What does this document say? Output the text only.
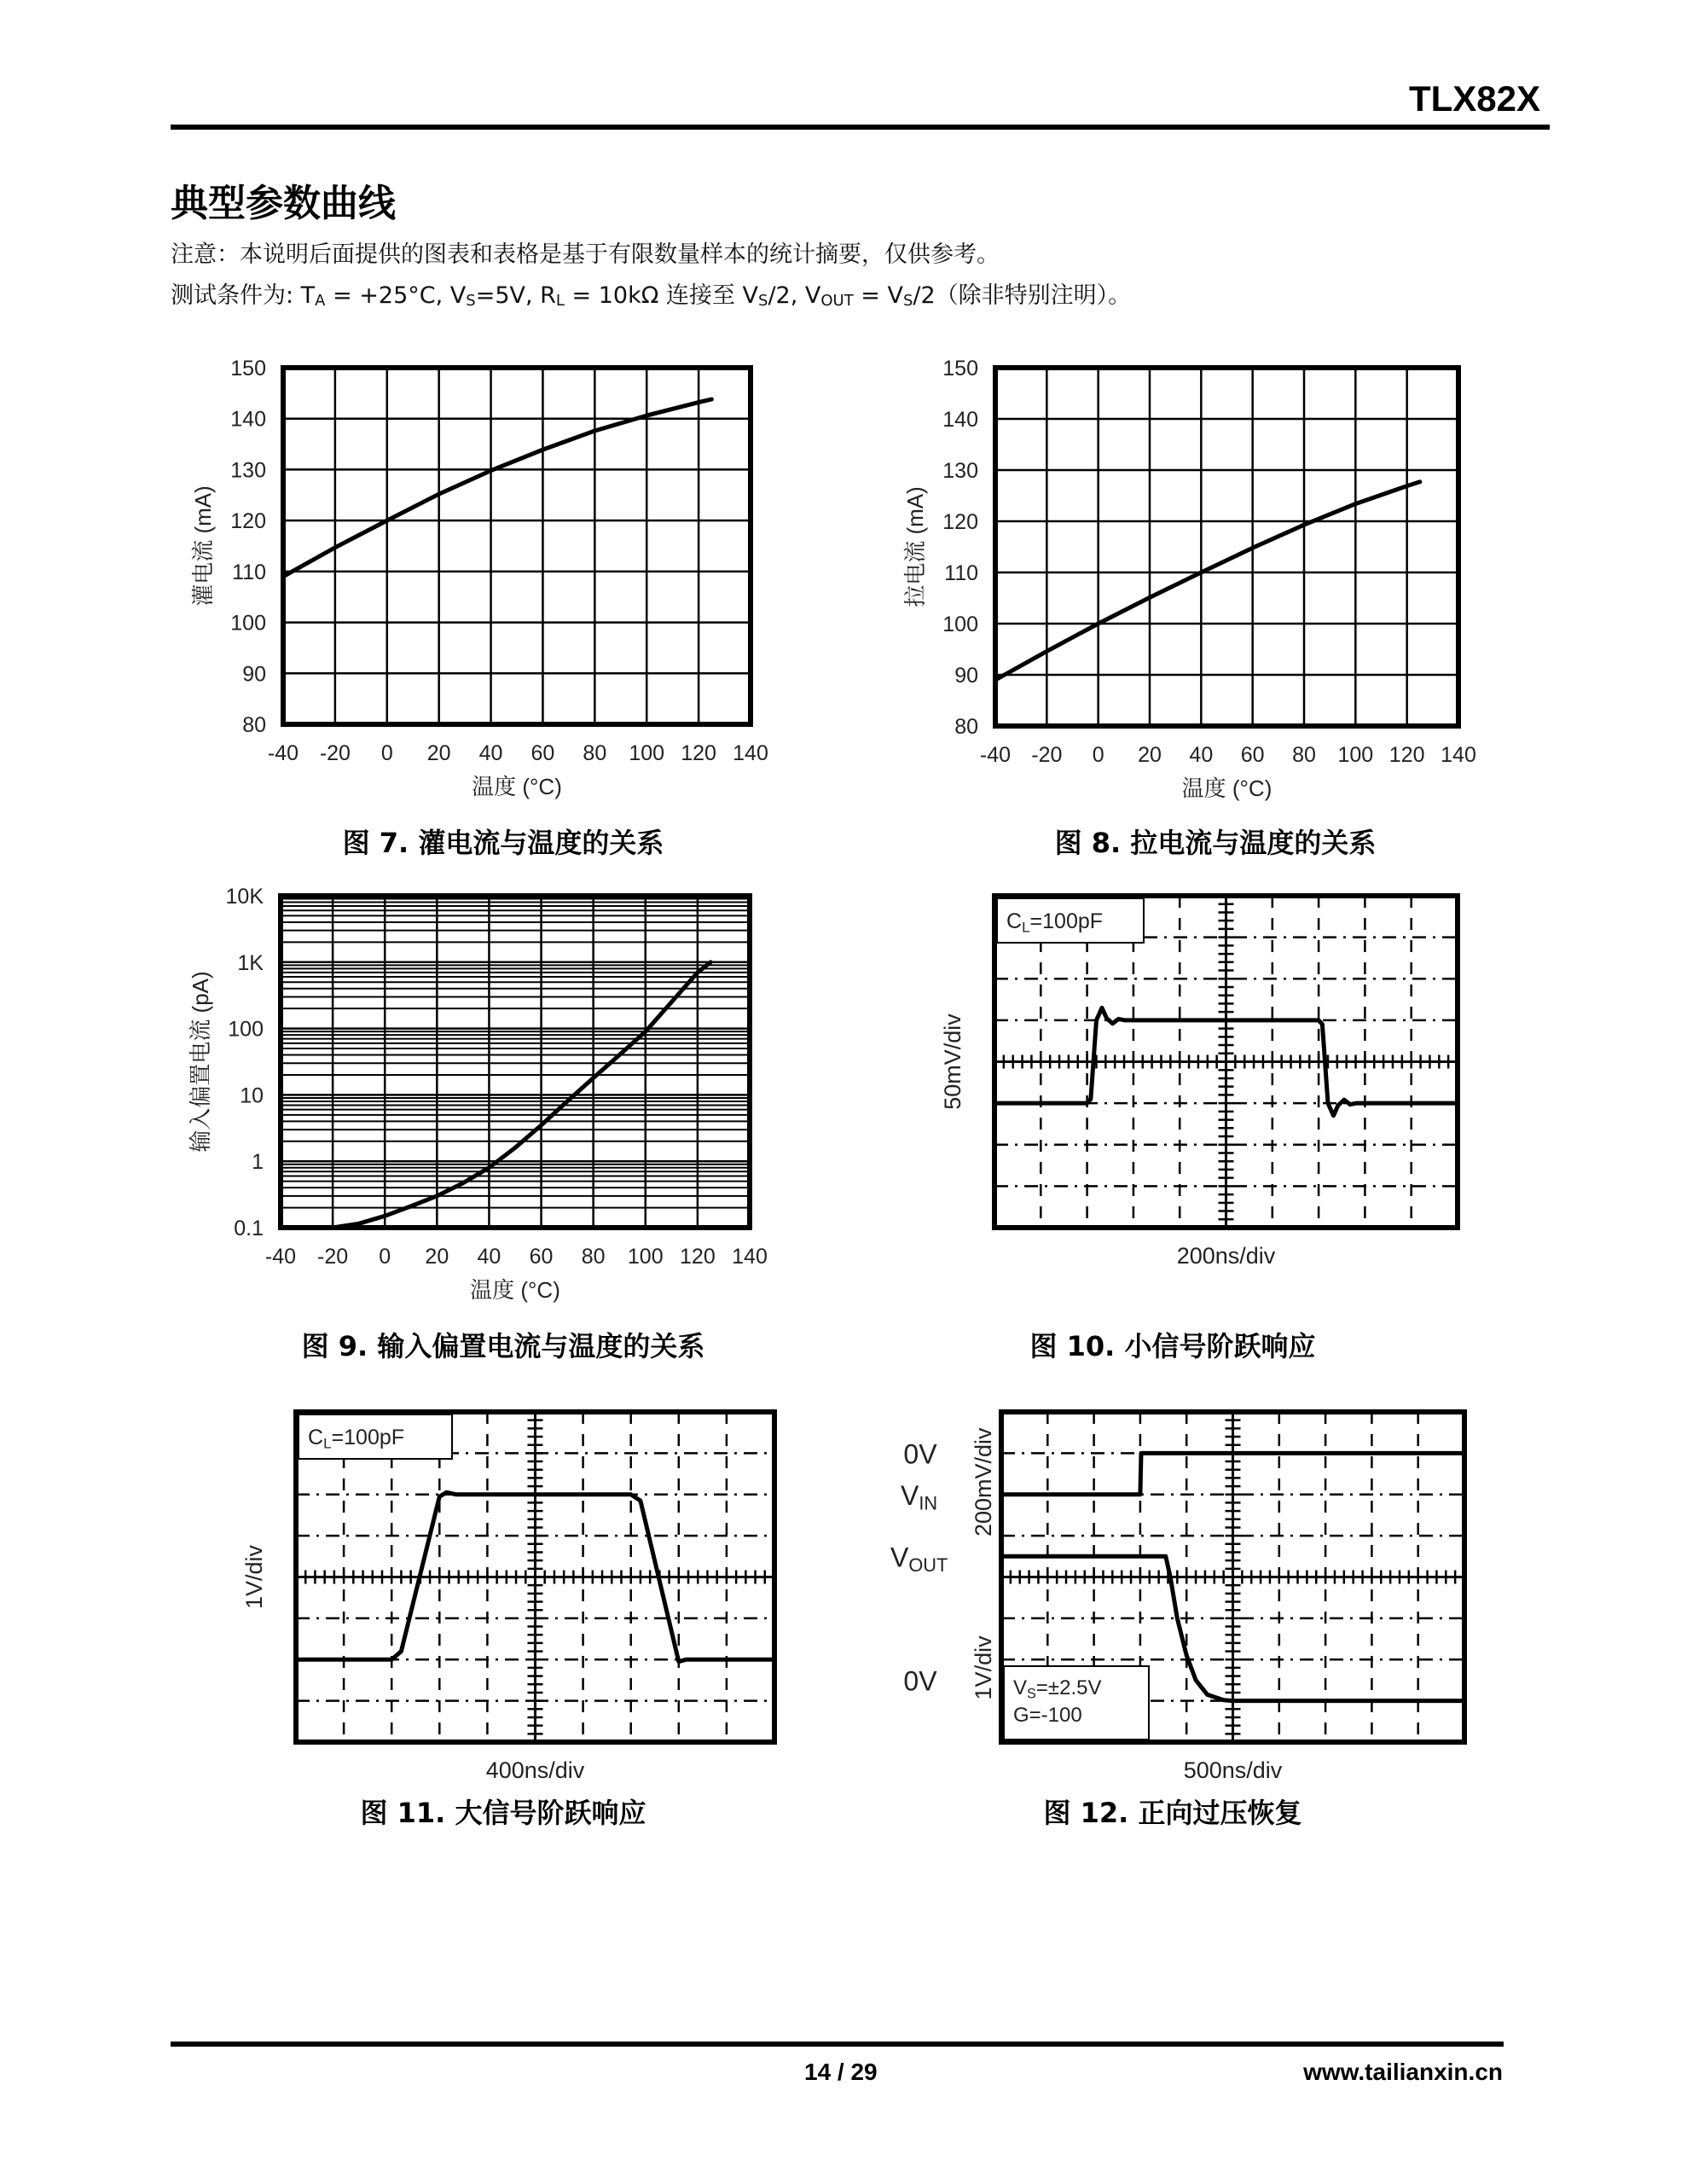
TLX82X
典型参数曲线
注意：本说明后面提供的图表和表格是基于有限数量样本的统计摘要，仅供参考。
测试条件为: $T_A = +25^\circ C$, $V_S=5V$, $R_L = 10k\Omega$ 连接至 $V_S/2$, $V_{OUT} = V_S/2$（除非特别注明）。
-40 -20 0 20 40 60 80 100 120 140
80
90
100
110
120
130
140
150
温度 (°C)
灌电流 (mA)
-40 -20 0 20 40 60 80 100 120 140
80
90
100
110
120
130
140
150
温度 (°C)
拉电流 (mA)
-40 -20 0 20 40 60 80 100 120 140
0.1
1
10
100
1K
10K
温度 (°C)
输入偏置电流 (pA)
200ns/div
CL=100pF
50mV/div
400ns/div
CL=100pF
1V/div
500ns/div
0V
VIN
VOUT
0V
200mV/div
1V/div VS=±2.5V
G=-100
图 7. 灌电流与温度的关系	图 8. 拉电流与温度的关系
图 9. 输入偏置电流与温度的关系	图 10. 小信号阶跃响应
图 11. 大信号阶跃响应	图 12. 正向过压恢复
14 / 29	www.tailianxin.cn
